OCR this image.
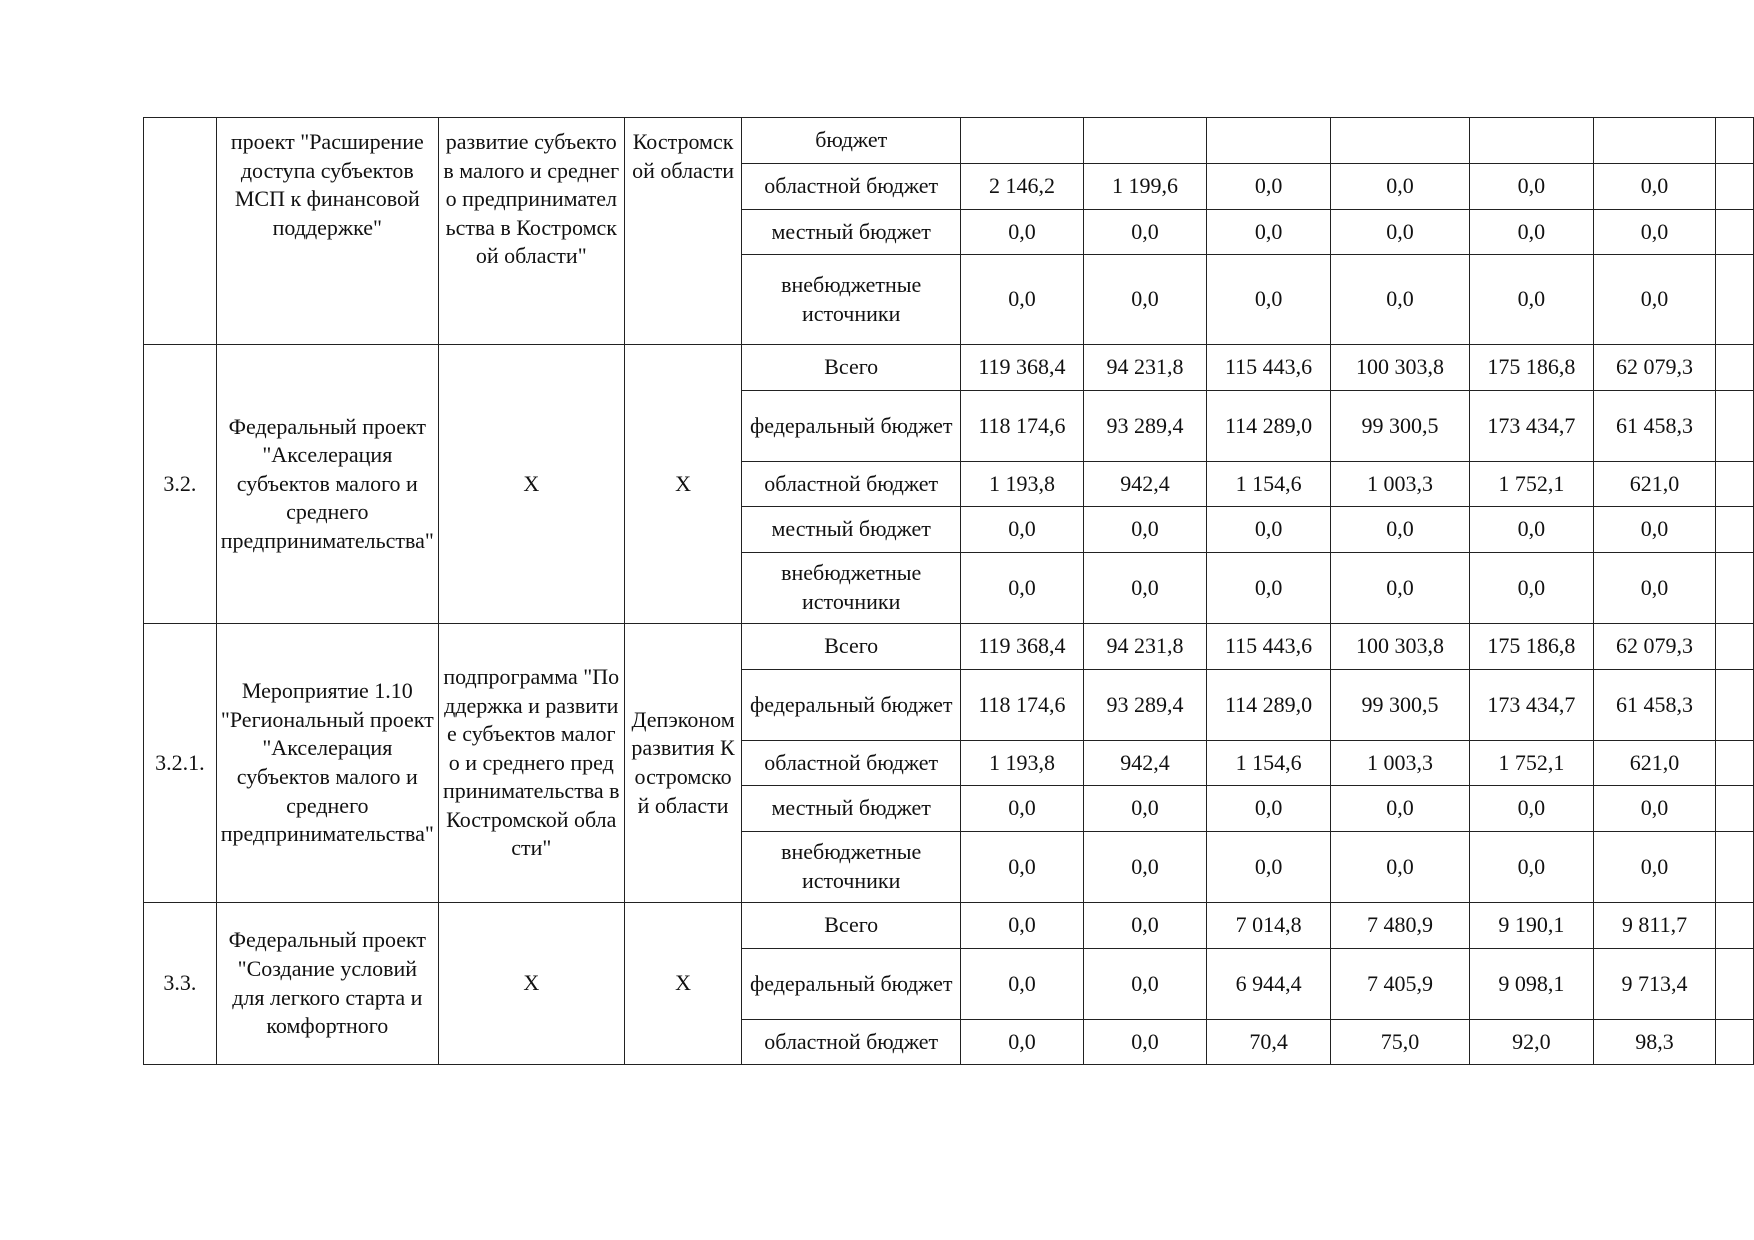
	проект "Расширение доступа субъектов МСП к финансовой поддержке"	развитие субъектов малого и среднего предпринимательства в Костромской области"	Костромской области	бюджет							
				областной бюджет	2 146,2	1 199,6	0,0	0,0	0,0	0,0	
				местный бюджет	0,0	0,0	0,0	0,0	0,0	0,0	
				внебюджетные источники	0,0	0,0	0,0	0,0	0,0	0,0	
3.2.	Федеральный проект "Акселерация субъектов малого и среднего предпринимательства"	X	X	Всего	119 368,4	94 231,8	115 443,6	100 303,8	175 186,8	62 079,3	
				федеральный бюджет	118 174,6	93 289,4	114 289,0	99 300,5	173 434,7	61 458,3	
				областной бюджет	1 193,8	942,4	1 154,6	1 003,3	1 752,1	621,0	
				местный бюджет	0,0	0,0	0,0	0,0	0,0	0,0	
				внебюджетные источники	0,0	0,0	0,0	0,0	0,0	0,0	
3.2.1.	Мероприятие 1.10 "Региональный проект "Акселерация субъектов малого и среднего предпринимательства"	подпрограмма "Поддержка и развитие субъектов малого и среднего предпринимательства в Костромской области"	Депэкономразвития Костромской области	Всего	119 368,4	94 231,8	115 443,6	100 303,8	175 186,8	62 079,3	
				федеральный бюджет	118 174,6	93 289,4	114 289,0	99 300,5	173 434,7	61 458,3	
				областной бюджет	1 193,8	942,4	1 154,6	1 003,3	1 752,1	621,0	
				местный бюджет	0,0	0,0	0,0	0,0	0,0	0,0	
				внебюджетные источники	0,0	0,0	0,0	0,0	0,0	0,0	
3.3.	Федеральный проект "Создание условий для легкого старта и комфортного	X	X	Всего	0,0	0,0	7 014,8	7 480,9	9 190,1	9 811,7	
				федеральный бюджет	0,0	0,0	6 944,4	7 405,9	9 098,1	9 713,4	
				областной бюджет	0,0	0,0	70,4	75,0	92,0	98,3	
